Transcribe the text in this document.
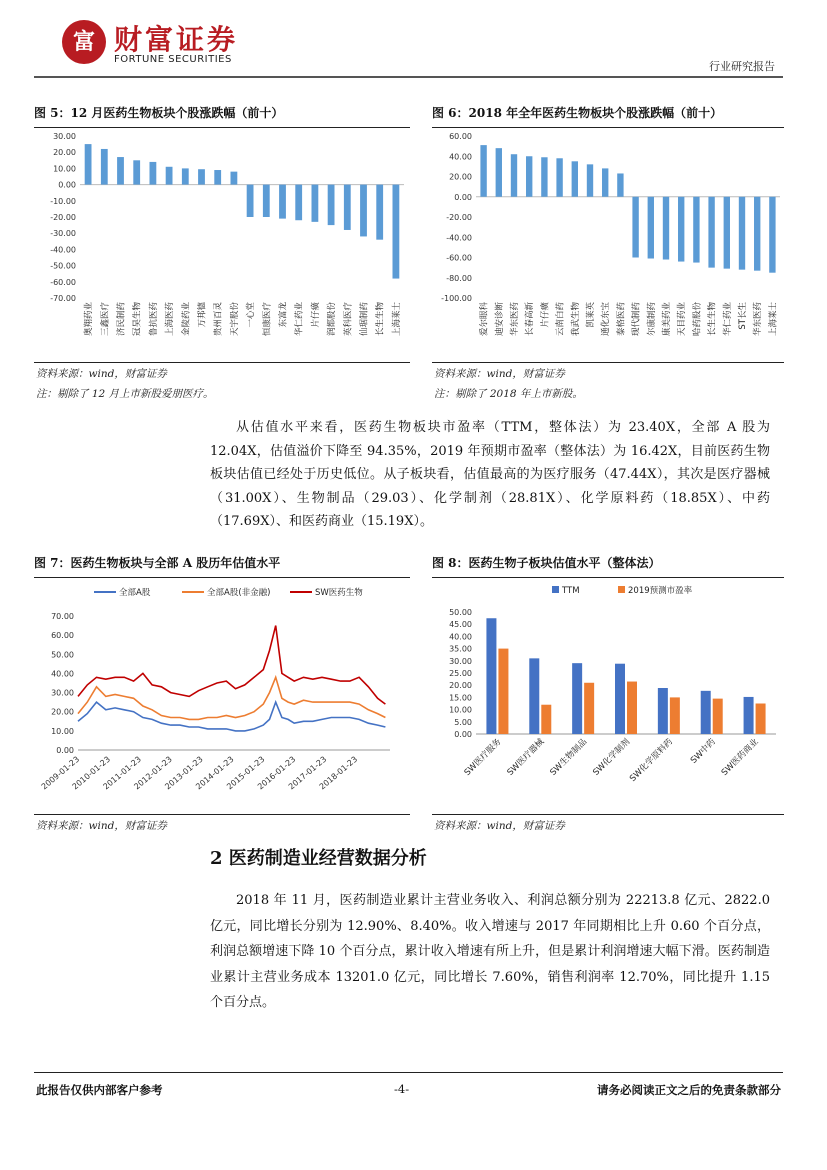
富 财富证券
FORTUNE SECURITIES
行业研究报告
图 5：12 月医药生物板块个股涨跌幅（前十）
30.00
20.00
10.00
0.00
-10.00
-20.00
-30.00
-40.00
-50.00
-60.00
-70.00
奥翔药业 三鑫医疗 济民制药 冠昊生物 鲁抗医药 上海医药 金陵药业 万邦德 贵州百灵 天宇股份 一心堂 恒康医疗 东富龙 华仁药业 片仔癀 润都股份 英科医疗 仙琚制药 长生生物 上海莱士
资料来源：wind，财富证券
注：剔除了 12 月上市新股爱朋医疗。
图 6：2018 年全年医药生物板块个股涨跌幅（前十）
60.00
40.00
20.00
0.00
-20.00
-40.00
-60.00
-80.00
-100.00
爱尔眼科 迪安诊断 华东医药 长春高新 片仔癀 云南白药 我武生物 凯莱英 通化东宝 泰格医药 现代制药 尔康制药 康美药业 天目药业 哈药股份 长生生物 华仁药业 ST长生 华东医药 上海莱士
资料来源：wind，财富证券
注：剔除了 2018 年上市新股。

从估值水平来看，医药生物板块市盈率（TTM，整体法）为 23.40X，全部 A 股为 12.04X，估值溢价下降至 94.35%，2019 年预期市盈率（整体法）为 16.42X，目前医药生物板块估值已经处于历史低位。从子板块看，估值最高的为医疗服务（47.44X），其次是医疗器械（31.00X）、生物制品（29.03）、化学制剂（28.81X）、化学原料药（18.85X）、中药（17.69X）、和医药商业（15.19X）。

图 7：医药生物板块与全部 A 股历年估值水平
0.00
10.00
20.00
30.00
40.00
50.00
60.00
70.00
2009-01-23
2010-01-23
2011-01-23
2012-01-23
2013-01-23
2014-01-23
2015-01-23
2016-01-23
2017-01-23
2018-01-23
全部A股	全部A股(非金融)	SW医药生物
资料来源：wind，财富证券
图 8：医药生物子板块估值水平（整体法）
0.00
5.00
10.00
15.00
20.00
25.00
30.00
35.00
40.00
45.00
50.00
SW医疗服务 SW医疗器械 SW生物制品 SW化学制剂
SW化学原料药 SW中药 SW医药商业
TTM	2019预测市盈率
资料来源：wind，财富证券
2 医药制造业经营数据分析

2018 年 11 月，医药制造业累计主营业务收入、利润总额分别为 22213.8 亿元、2822.0 亿元，同比增长分别为 12.90%、8.40%。收入增速与 2017 年同期相比上升 0.60 个百分点，利润总额增速下降 10 个百分点，累计收入增速有所上升，但是累计利润增速大幅下滑。医药制造业累计主营业务成本 13201.0 亿元，同比增长 7.60%，销售利润率 12.70%，同比提升 1.15 个百分点。

此报告仅供内部客户参考	-4-	请务必阅读正文之后的免责条款部分
